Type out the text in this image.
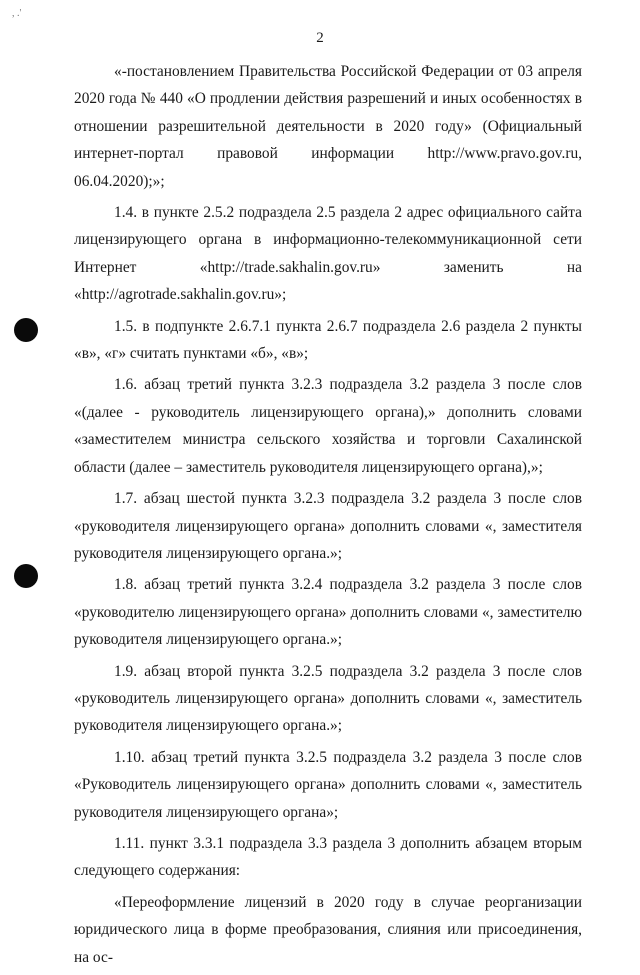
, .'
2

«-постановлением Правительства Российской Федерации от 03 апреля 2020 года № 440 «О продлении действия разрешений и иных особенностях в отношении разрешительной деятельности в 2020 году» (Официальный интернет-портал правовой информации http://www.pravo.gov.ru, 06.04.2020);»;

1.4. в пункте 2.5.2 подраздела 2.5 раздела 2 адрес официального сайта лицензирующего органа в информационно-телекоммуникационной сети Интернет «http://trade.sakhalin.gov.ru» заменить на «http://agrotrade.sakhalin.gov.ru»;

1.5. в подпункте 2.6.7.1 пункта 2.6.7 подраздела 2.6 раздела 2 пункты «в», «г» считать пунктами «б», «в»;

1.6. абзац третий пункта 3.2.3 подраздела 3.2 раздела 3 после слов «(далее - руководитель лицензирующего органа),» дополнить словами «заместителем министра сельского хозяйства и торговли Сахалинской области (далее – заместитель руководителя лицензирующего органа),»;

1.7. абзац шестой пункта 3.2.3 подраздела 3.2 раздела 3 после слов «руководителя лицензирующего органа» дополнить словами «, заместителя руководителя лицензирующего органа.»;

1.8. абзац третий пункта 3.2.4 подраздела 3.2 раздела 3 после слов «руководителю лицензирующего органа» дополнить словами «, заместителю руководителя лицензирующего органа.»;

1.9. абзац второй пункта 3.2.5 подраздела 3.2 раздела 3 после слов «руководитель лицензирующего органа» дополнить словами «, заместитель руководителя лицензирующего органа.»;

1.10. абзац третий пункта 3.2.5 подраздела 3.2 раздела 3 после слов «Руководитель лицензирующего органа» дополнить словами «, заместитель руководителя лицензирующего органа»;

1.11. пункт 3.3.1 подраздела 3.3 раздела 3 дополнить абзацем вторым следующего содержания:

«Переоформление лицензий в 2020 году в случае реорганизации юридического лица в форме преобразования, слияния или присоединения, на ос-
